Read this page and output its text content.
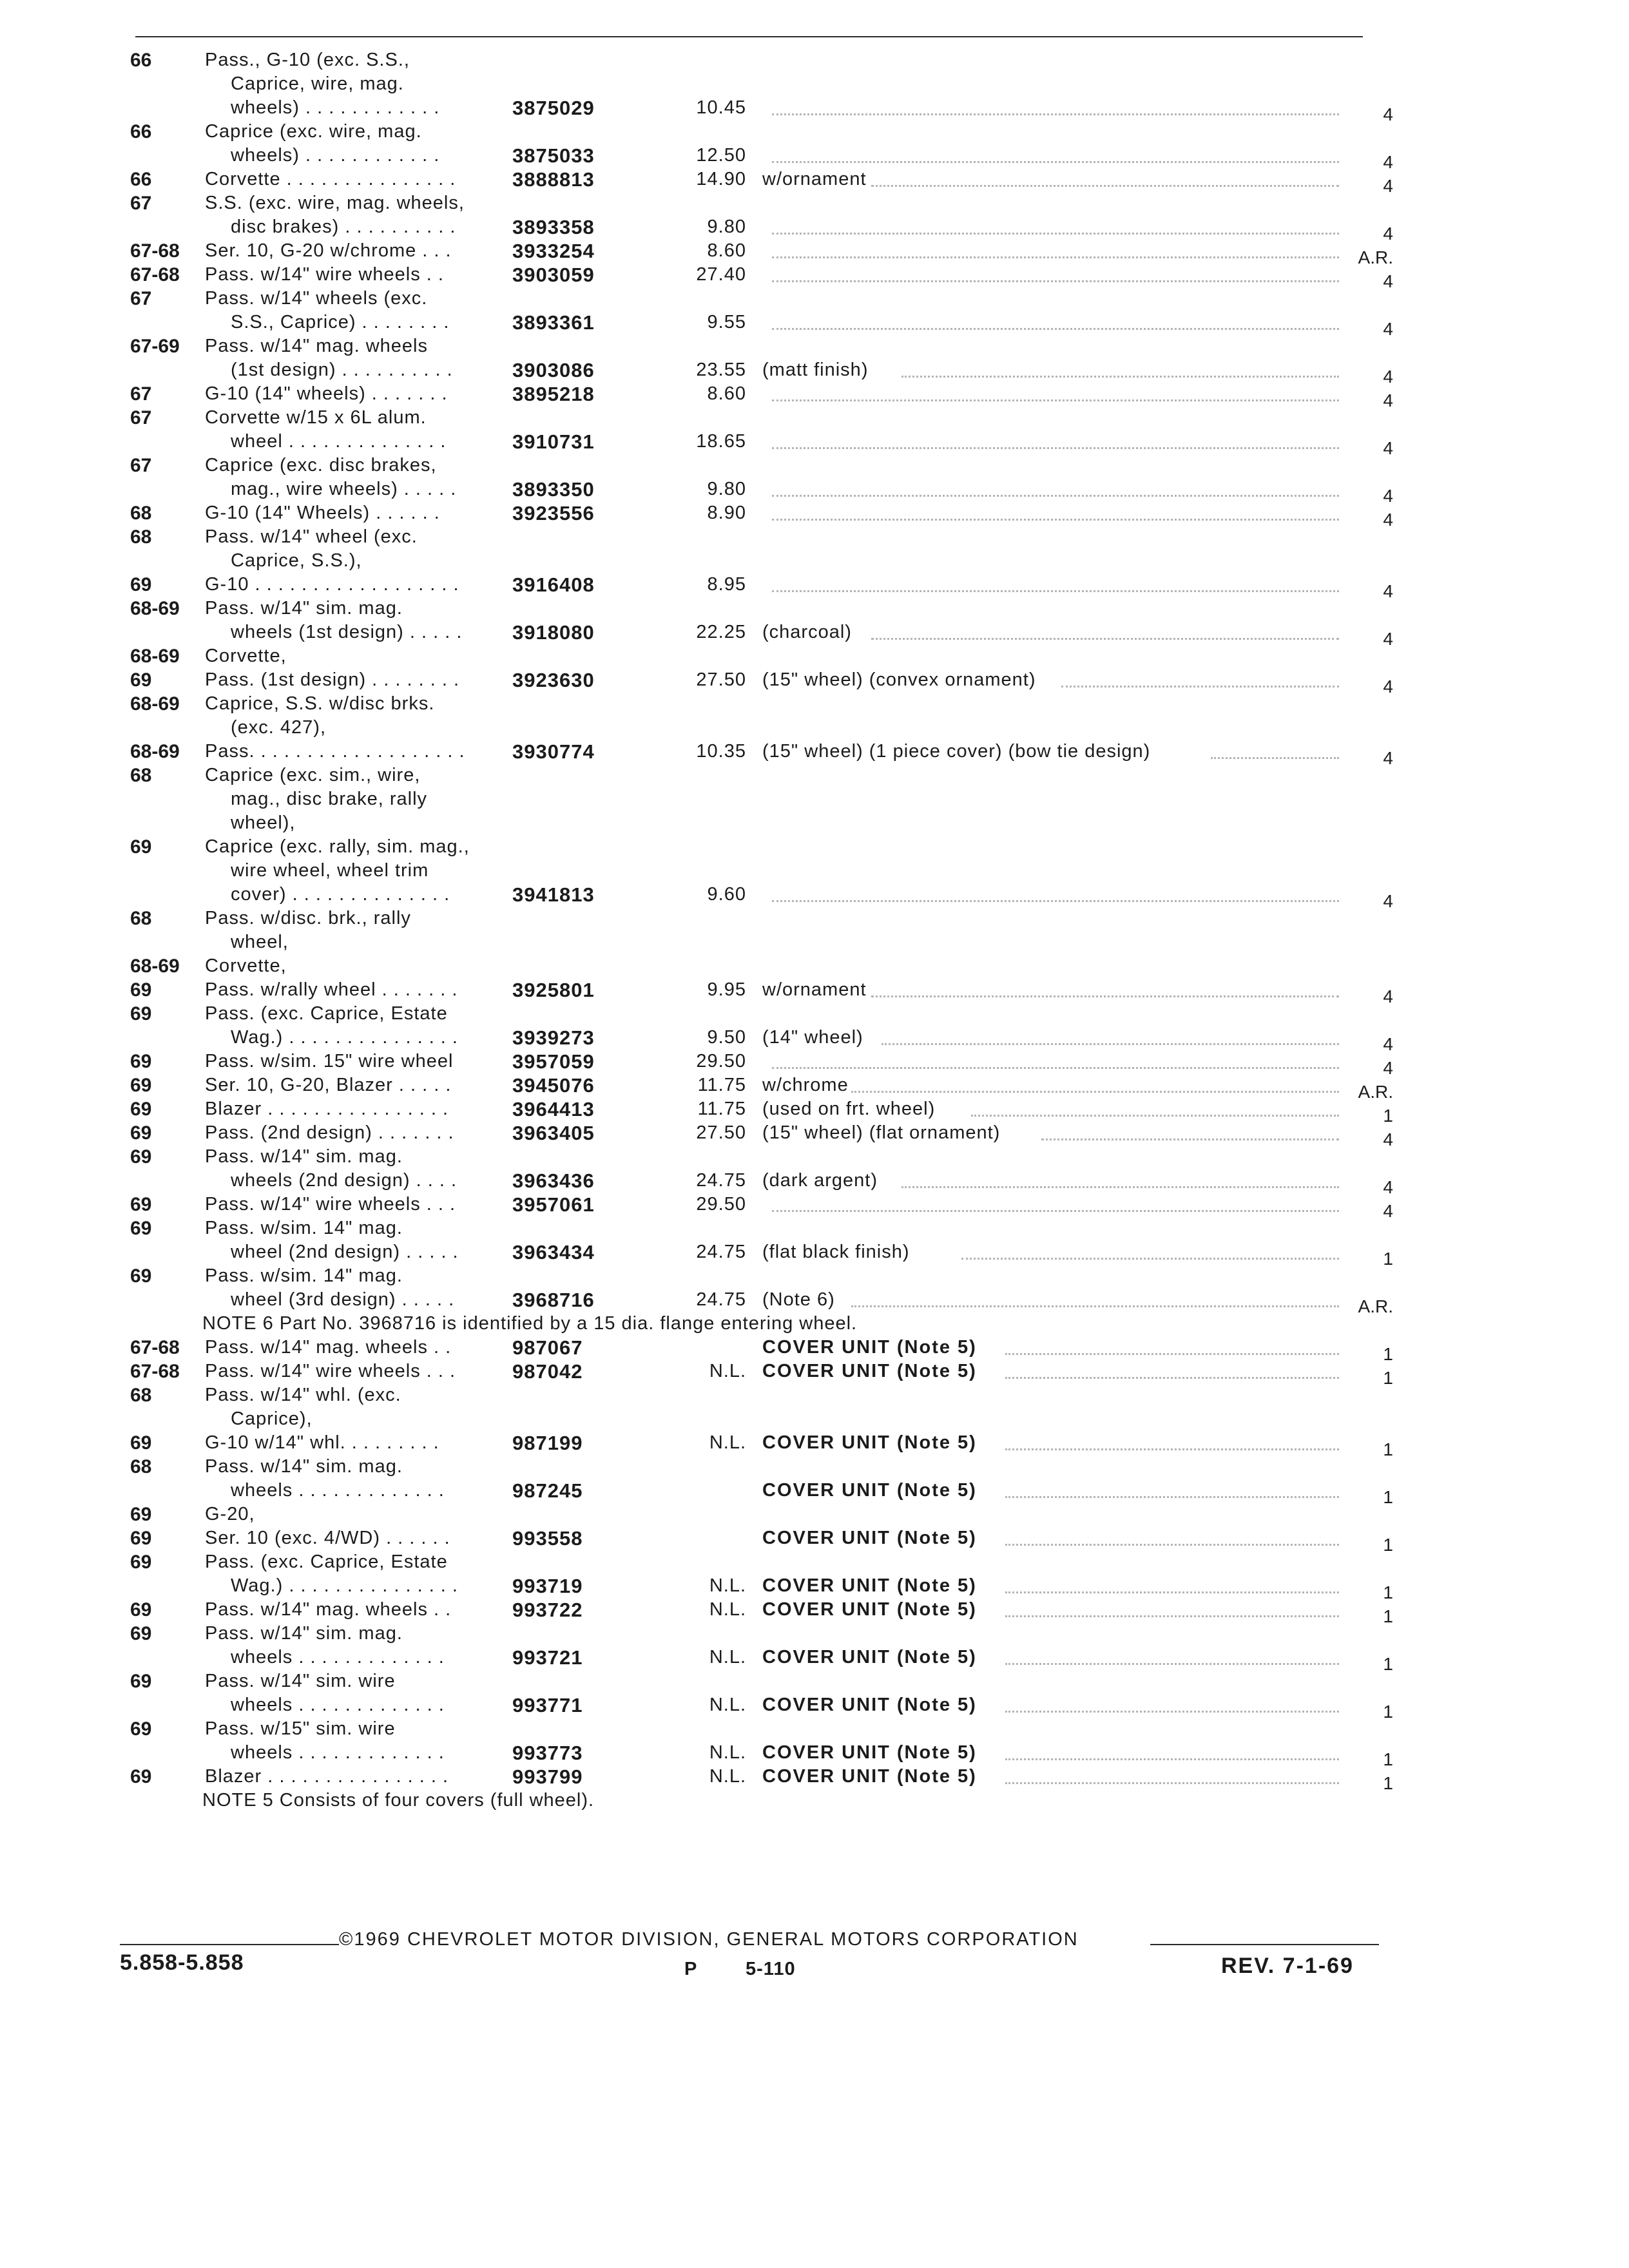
66	Pass., G-10 (exc. S.S.,
Caprice, wire, mag.
wheels) . . . . . . . . . . . .	3875029	10.45	4
66	Caprice (exc. wire, mag.
wheels) . . . . . . . . . . . .	3875033	12.50	4
66	Corvette . . . . . . . . . . . . . . .	3888813	14.90 w/ornament	4
67	S.S. (exc. wire, mag. wheels,
disc brakes) . . . . . . . . . .	3893358	9.80	4
67-68 Ser. 10, G-20 w/chrome . . .	3933254	8.60	A.R.
67-68 Pass. w/14" wire wheels . .	3903059	27.40	4
67	Pass. w/14" wheels (exc.
S.S., Caprice) . . . . . . . .	3893361	9.55	4
67-69 Pass. w/14" mag. wheels
(1st design) . . . . . . . . . .	3903086	23.55 (matt finish)	4
67	G-10 (14" wheels) . . . . . . .	3895218	8.60	4
67	Corvette w/15 x 6L alum.
wheel . . . . . . . . . . . . . .	3910731	18.65	4
67	Caprice (exc. disc brakes,
mag., wire wheels) . . . . .	3893350	9.80	4
68	G-10 (14" Wheels) . . . . . .	3923556	8.90	4
68	Pass. w/14" wheel (exc.
Caprice, S.S.),
69	G-10 . . . . . . . . . . . . . . . . . .	3916408	8.95	4
68-69 Pass. w/14" sim. mag.
wheels (1st design) . . . . .	3918080	22.25 (charcoal)	4
68-69 Corvette,
69	Pass. (1st design) . . . . . . . .	3923630	27.50 (15" wheel) (convex ornament)	4
68-69 Caprice, S.S. w/disc brks.
(exc. 427),
68-69 Pass. . . . . . . . . . . . . . . . . . . 3930774	10.35 (15" wheel) (1 piece cover) (bow tie design)	4
68	Caprice (exc. sim., wire,
mag., disc brake, rally
wheel),
69	Caprice (exc. rally, sim. mag.,
wire wheel, wheel trim
cover) . . . . . . . . . . . . . .	3941813	9.60	4
68	Pass. w/disc. brk., rally
wheel,
68-69 Corvette,
69	Pass. w/rally wheel . . . . . . .	3925801	9.95 w/ornament	4
69	Pass. (exc. Caprice, Estate
Wag.) . . . . . . . . . . . . . . .	3939273	9.50 (14" wheel)	4
69	Pass. w/sim. 15" wire wheel	3957059	29.50	4
69	Ser. 10, G-20, Blazer . . . . .	3945076	11.75 w/chrome	A.R.
69	Blazer . . . . . . . . . . . . . . . .	3964413	11.75 (used on frt. wheel)	1
69	Pass. (2nd design) . . . . . . .	3963405	27.50 (15" wheel) (flat ornament)	4
69	Pass. w/14" sim. mag.
wheels (2nd design) . . . .	3963436	24.75 (dark argent)	4
69	Pass. w/14" wire wheels . . .	3957061	29.50	4
69	Pass. w/sim. 14" mag.
wheel (2nd design) . . . . .	3963434	24.75 (flat black finish)	1
69	Pass. w/sim. 14" mag.
wheel (3rd design) . . . . .	3968716	24.75 (Note 6)	A.R.
NOTE 6 Part No. 3968716 is identified by a 15 dia. flange entering wheel.
67-68 Pass. w/14" mag. wheels . .	987067	COVER UNIT (Note 5)	1
67-68 Pass. w/14" wire wheels . . .	987042	N.L. COVER UNIT (Note 5)	1
68	Pass. w/14" whl. (exc.
Caprice),
69	G-10 w/14" whl. . . . . . . . .	987199	N.L. COVER UNIT (Note 5)	1
68	Pass. w/14" sim. mag.
wheels . . . . . . . . . . . . .	987245	COVER UNIT (Note 5)	1
69	G-20,
69	Ser. 10 (exc. 4/WD) . . . . . .	993558	COVER UNIT (Note 5)	1
69	Pass. (exc. Caprice, Estate
Wag.) . . . . . . . . . . . . . . .	993719	N.L. COVER UNIT (Note 5)	1
69	Pass. w/14" mag. wheels . .	993722	N.L. COVER UNIT (Note 5)	1
69	Pass. w/14" sim. mag.
wheels . . . . . . . . . . . . .	993721	N.L. COVER UNIT (Note 5)	1
69	Pass. w/14" sim. wire
wheels . . . . . . . . . . . . .	993771	N.L. COVER UNIT (Note 5)	1
69	Pass. w/15" sim. wire
wheels . . . . . . . . . . . . .	993773	N.L. COVER UNIT (Note 5)	1
69	Blazer . . . . . . . . . . . . . . . .	993799	N.L. COVER UNIT (Note 5)	1
NOTE 5 Consists of four covers (full wheel).
©1969 CHEVROLET MOTOR DIVISION, GENERAL MOTORS CORPORATION
5.858-5.858	P	5-110	REV. 7-1-69
